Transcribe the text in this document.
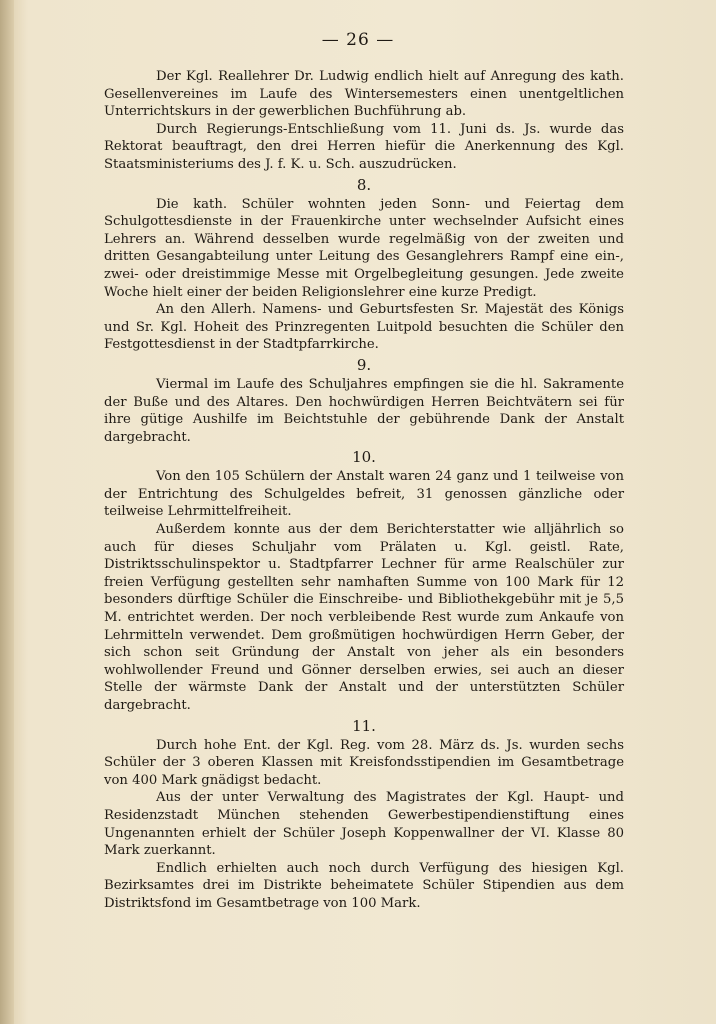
— 26 —

Der Kgl. Reallehrer Dr. Ludwig endlich hielt auf Anregung des kath. Gesellenvereines im Laufe des Wintersemesters einen unentgeltlichen Unterrichtskurs in der gewerblichen Buchführung ab.

Durch Regierungs-Entschließung vom 11. Juni ds. Js. wurde das Rektorat beauftragt, den drei Herren hiefür die Anerkennung des Kgl. Staatsministeriums des J. f. K. u. Sch. auszudrücken.

8.

Die kath. Schüler wohnten jeden Sonn- und Feiertag dem Schulgottesdienste in der Frauenkirche unter wechselnder Aufsicht eines Lehrers an. Während desselben wurde regelmäßig von der zweiten und dritten Gesangabteilung unter Leitung des Gesanglehrers Rampf eine ein-, zwei- oder dreistimmige Messe mit Orgelbegleitung gesungen. Jede zweite Woche hielt einer der beiden Religionslehrer eine kurze Predigt.

An den Allerh. Namens- und Geburtsfesten Sr. Majestät des Königs und Sr. Kgl. Hoheit des Prinzregenten Luitpold besuchten die Schüler den Festgottesdienst in der Stadtpfarrkirche.

9.

Viermal im Laufe des Schuljahres empfingen sie die hl. Sakramente der Buße und des Altares. Den hochwürdigen Herren Beichtvätern sei für ihre gütige Aushilfe im Beichtstuhle der gebührende Dank der Anstalt dargebracht.

10.

Von den 105 Schülern der Anstalt waren 24 ganz und 1 teilweise von der Entrichtung des Schulgeldes befreit, 31 genossen gänzliche oder teilweise Lehrmittelfreiheit.

Außerdem konnte aus der dem Berichterstatter wie alljährlich so auch für dieses Schuljahr vom Prälaten u. Kgl. geistl. Rate, Distriktsschulinspektor u. Stadtpfarrer Lechner für arme Realschüler zur freien Verfügung gestellten sehr namhaften Summe von 100 Mark für 12 besonders dürftige Schüler die Einschreibe- und Bibliothekgebühr mit je 5,5 M. entrichtet werden. Der noch verbleibende Rest wurde zum Ankaufe von Lehrmitteln verwendet. Dem großmütigen hochwürdigen Herrn Geber, der sich schon seit Gründung der Anstalt von jeher als ein besonders wohlwollender Freund und Gönner derselben erwies, sei auch an dieser Stelle der wärmste Dank der Anstalt und der unterstützten Schüler dargebracht.

11.

Durch hohe Ent. der Kgl. Reg. vom 28. März ds. Js. wurden sechs Schüler der 3 oberen Klassen mit Kreisfondsstipendien im Gesamtbetrage von 400 Mark gnädigst bedacht.

Aus der unter Verwaltung des Magistrates der Kgl. Haupt- und Residenzstadt München stehenden Gewerbestipendienstiftung eines Ungenannten erhielt der Schüler Joseph Koppenwallner der VI. Klasse 80 Mark zuerkannt.

Endlich erhielten auch noch durch Verfügung des hiesigen Kgl. Bezirksamtes drei im Distrikte beheimatete Schüler Stipendien aus dem Distriktsfond im Gesamtbetrage von 100 Mark.
